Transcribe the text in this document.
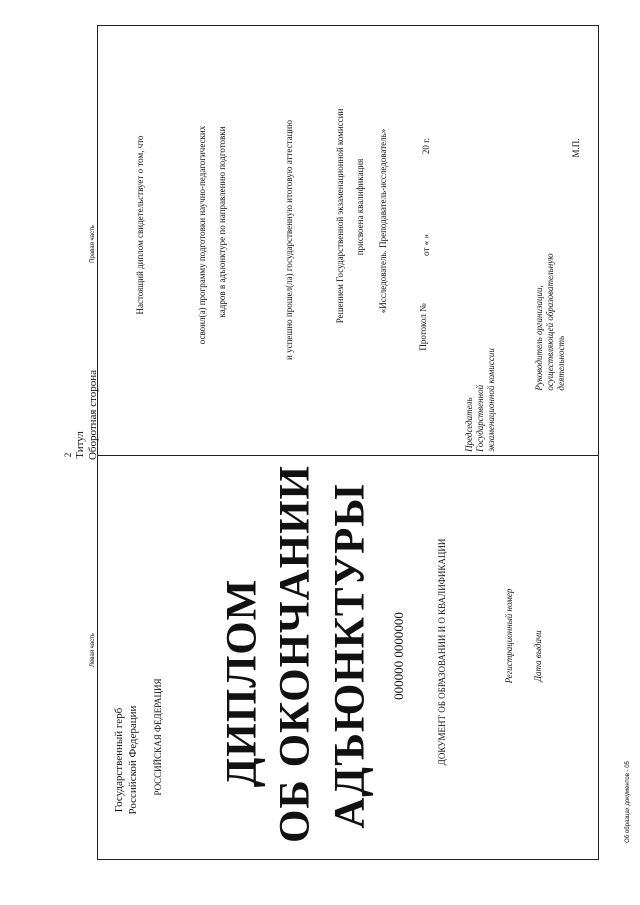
2 Титул Оборотная сторона
Левая часть
Правая часть
Государственный герб Российской Федерации РОССИЙСКАЯ ФЕДЕРАЦИЯ ДИПЛОМ ОБ ОКОНЧАНИИ АДЪЮНКТУРЫ 000000 0000000	ДОКУМЕНТ ОБ ОБРАЗОВАНИИ И О КВАЛИФИКАЦИИ	Регистрационный номер Дата выдачи
Настоящий диплом свидетельствует о том, что	освоил(а) программу подготовки научно-педагогических кадров в адъюнктуре по направлению подготовки	и успешно прошел(ла) государственную итоговую аттестацию	Решением Государственной экзаменационной комиссии присвоена квалификация «Исследователь. Преподаватель-исследователь»
Протокол №
от « »
20 г.
Председатель Государственной экзаменационной комиссии
Руководитель организации, осуществляющей образовательную деятельность
М.П.
Об образцах документов - 05
